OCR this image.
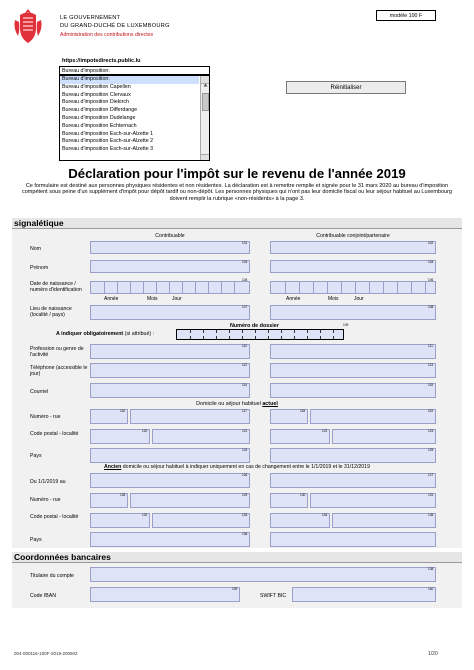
LE GOUVERNEMENT
DU GRAND-DUCHÉ DE LUXEMBOURG
Administration des contributions directes
modèle 100 F
https://impotsdirects.public.lu
Bureau d'imposition:
Bureau d'imposition:
Bureau d'imposition Capellen
Bureau d'imposition Clervaux
Bureau d'imposition Diekirch
Bureau d'imposition Differdange
Bureau d'imposition Dudelange
Bureau d'imposition Echternach
Bureau d'imposition Esch-sur-Alzette 1
Bureau d'imposition Esch-sur-Alzette 2
Bureau d'imposition Esch-sur-Alzette 3
Réinitialiser
Déclaration pour l'impôt sur le revenu de l'année 2019
Ce formulaire est destiné aux personnes physiques résidentes et non résidentes. La déclaration est à remettre remplie et signée pour le 31 mars 2020 au bureau d'imposition compétent sous peine d'un supplément d'impôt pour dépôt tardif ou non-dépôt. Les personnes physiques qui n'ont pas leur domicile fiscal ou leur séjour habituel au Luxembourg doivent remplir la rubrique «non-résidents» à la page 3.
signalétique
Contribuable	Contribuable conjoint/partenaire
Nom
101	102
Prénom
103	104
Date de naissance / numéro d'identification
105	106
Année	Mois	Jour	Année	Mois	Jour
Lieu de naissance (localité / pays)
107	108
Numéro de dossier
A indiquer obligatoirement (si attribué) :
109
Profession ou genre de l'activité
110	111
Téléphone (accessible le jour)
112	113
Courriel
114	115
Domicile ou séjour habituel actuel
Numéro - rue
116	117	118	119
Code postal - localité	120	121	122	123
Pays
124	125
Ancien domicile ou séjour habituel à indiquer uniquement en cas de changement entre le 1/1/2019 et le 31/12/2019
Du 1/1/2019 au
126	127
Numéro - rue
128	129	130	131
Code postal - localité	132	133	134	135
Pays
136
Coordonnées bancaires
Titulaire du compte
138
Code IBAN
139
SWIFT BIC
140
004-000116-100F-2019-200502	1/20
